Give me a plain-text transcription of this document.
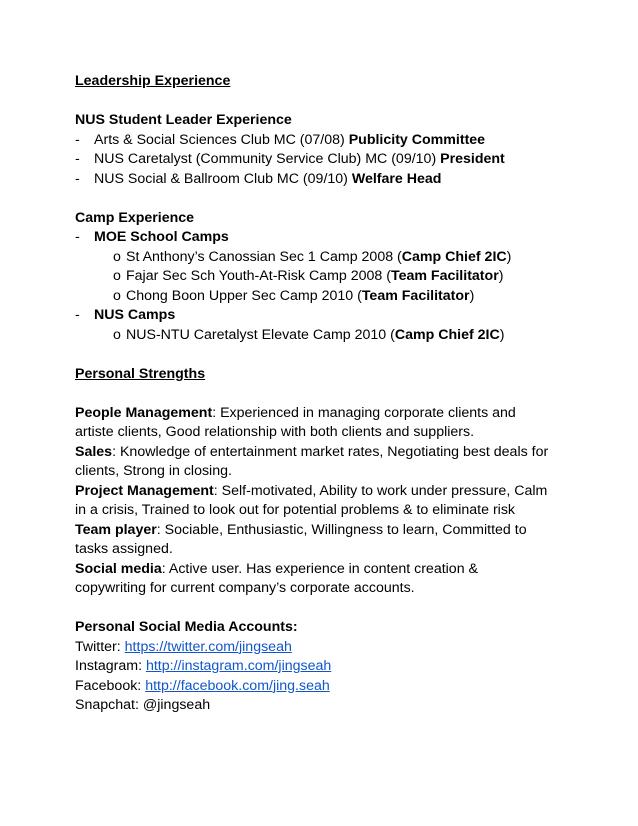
Leadership Experience
NUS Student Leader Experience
- Arts & Social Sciences Club MC (07/08) Publicity Committee
- NUS Caretalyst (Community Service Club) MC (09/10) President
- NUS Social & Ballroom Club MC (09/10) Welfare Head
Camp Experience
- MOE School Camps
o St Anthony’s Canossian Sec 1 Camp 2008 (Camp Chief 2IC)
o Fajar Sec Sch Youth-At-Risk Camp 2008 (Team Facilitator)
o Chong Boon Upper Sec Camp 2010 (Team Facilitator)
- NUS Camps
o NUS-NTU Caretalyst Elevate Camp 2010 (Camp Chief 2IC)
Personal Strengths
People Management: Experienced in managing corporate clients and
artiste clients, Good relationship with both clients and suppliers.
Sales: Knowledge of entertainment market rates, Negotiating best deals for
clients, Strong in closing.
Project Management: Self-motivated, Ability to work under pressure, Calm
in a crisis, Trained to look out for potential problems & to eliminate risk
Team player: Sociable, Enthusiastic, Willingness to learn, Committed to
tasks assigned.
Social media: Active user. Has experience in content creation &
copywriting for current company’s corporate accounts.
Personal Social Media Accounts:
Twitter: https://twitter.com/jingseah
Instagram: http://instagram.com/jingseah
Facebook: http://facebook.com/jing.seah
Snapchat: @jingseah
